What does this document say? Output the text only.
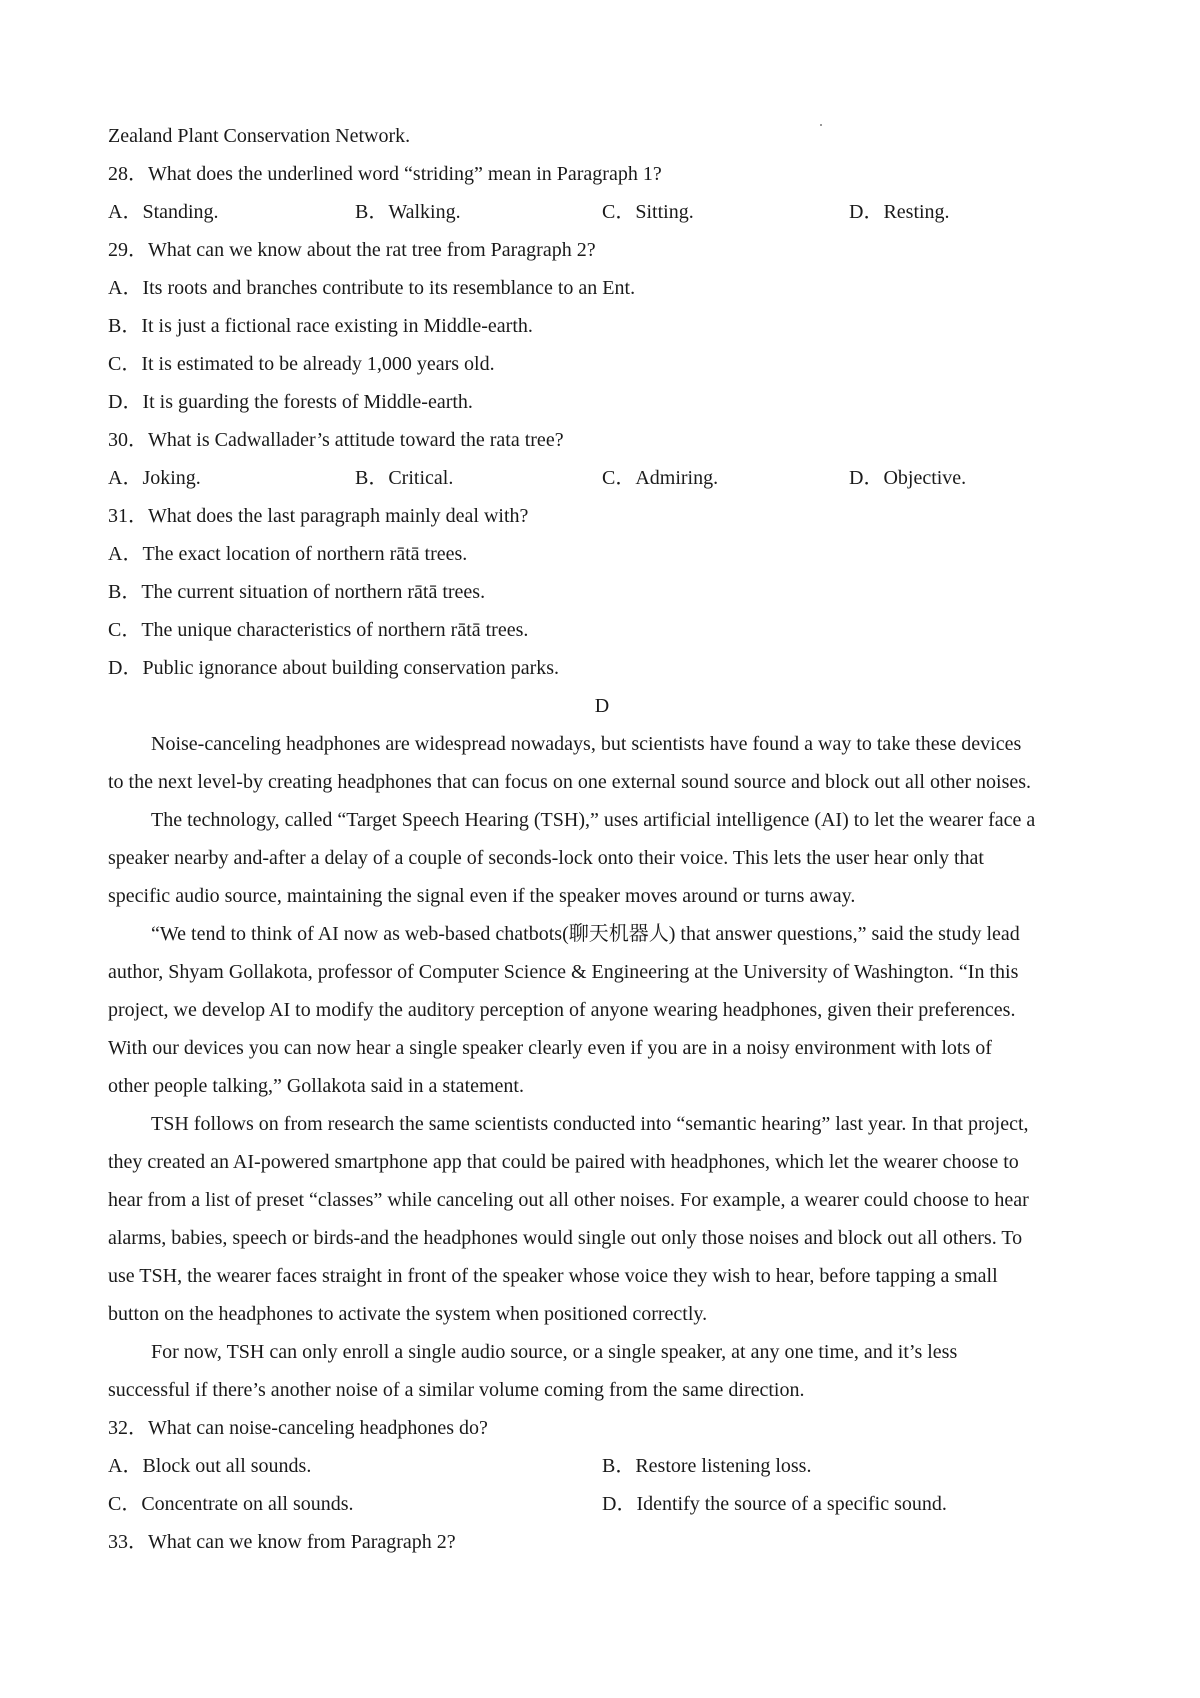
Zealand Plant Conservation Network.
28．What does the underlined word “striding” mean in Paragraph 1?
A．Standing.	B．Walking.	C．Sitting.	D．Resting.
29．What can we know about the rat tree from Paragraph 2?
A．Its roots and branches contribute to its resemblance to an Ent.
B．It is just a fictional race existing in Middle-earth.
C．It is estimated to be already 1,000 years old.
D．It is guarding the forests of Middle-earth.
30．What is Cadwallader’s attitude toward the rata tree?
A．Joking.	B．Critical.	C．Admiring.	D．Objective.
31．What does the last paragraph mainly deal with?
A．The exact location of northern rātā trees.
B．The current situation of northern rātā trees.
C．The unique characteristics of northern rātā trees.
D．Public ignorance about building conservation parks.
D
Noise-canceling headphones are widespread nowadays, but scientists have found a way to take these devices
to the next level-by creating headphones that can focus on one external sound source and block out all other noises.
The technology, called “Target Speech Hearing (TSH),” uses artificial intelligence (AI) to let the wearer face a
speaker nearby and-after a delay of a couple of seconds-lock onto their voice. This lets the user hear only that
specific audio source, maintaining the signal even if the speaker moves around or turns away.
“We tend to think of AI now as web-based chatbots(聊天机器人) that answer questions,” said the study lead
author, Shyam Gollakota, professor of Computer Science & Engineering at the University of Washington. “In this
project, we develop AI to modify the auditory perception of anyone wearing headphones, given their preferences.
With our devices you can now hear a single speaker clearly even if you are in a noisy environment with lots of
other people talking,” Gollakota said in a statement.
TSH follows on from research the same scientists conducted into “semantic hearing” last year. In that project,
they created an AI-powered smartphone app that could be paired with headphones, which let the wearer choose to
hear from a list of preset “classes” while canceling out all other noises. For example, a wearer could choose to hear
alarms, babies, speech or birds-and the headphones would single out only those noises and block out all others. To
use TSH, the wearer faces straight in front of the speaker whose voice they wish to hear, before tapping a small
button on the headphones to activate the system when positioned correctly.
For now, TSH can only enroll a single audio source, or a single speaker, at any one time, and it’s less
successful if there’s another noise of a similar volume coming from the same direction.
32．What can noise-canceling headphones do?
A．Block out all sounds.	B．Restore listening loss.
C．Concentrate on all sounds.	D．Identify the source of a specific sound.
33．What can we know from Paragraph 2?
